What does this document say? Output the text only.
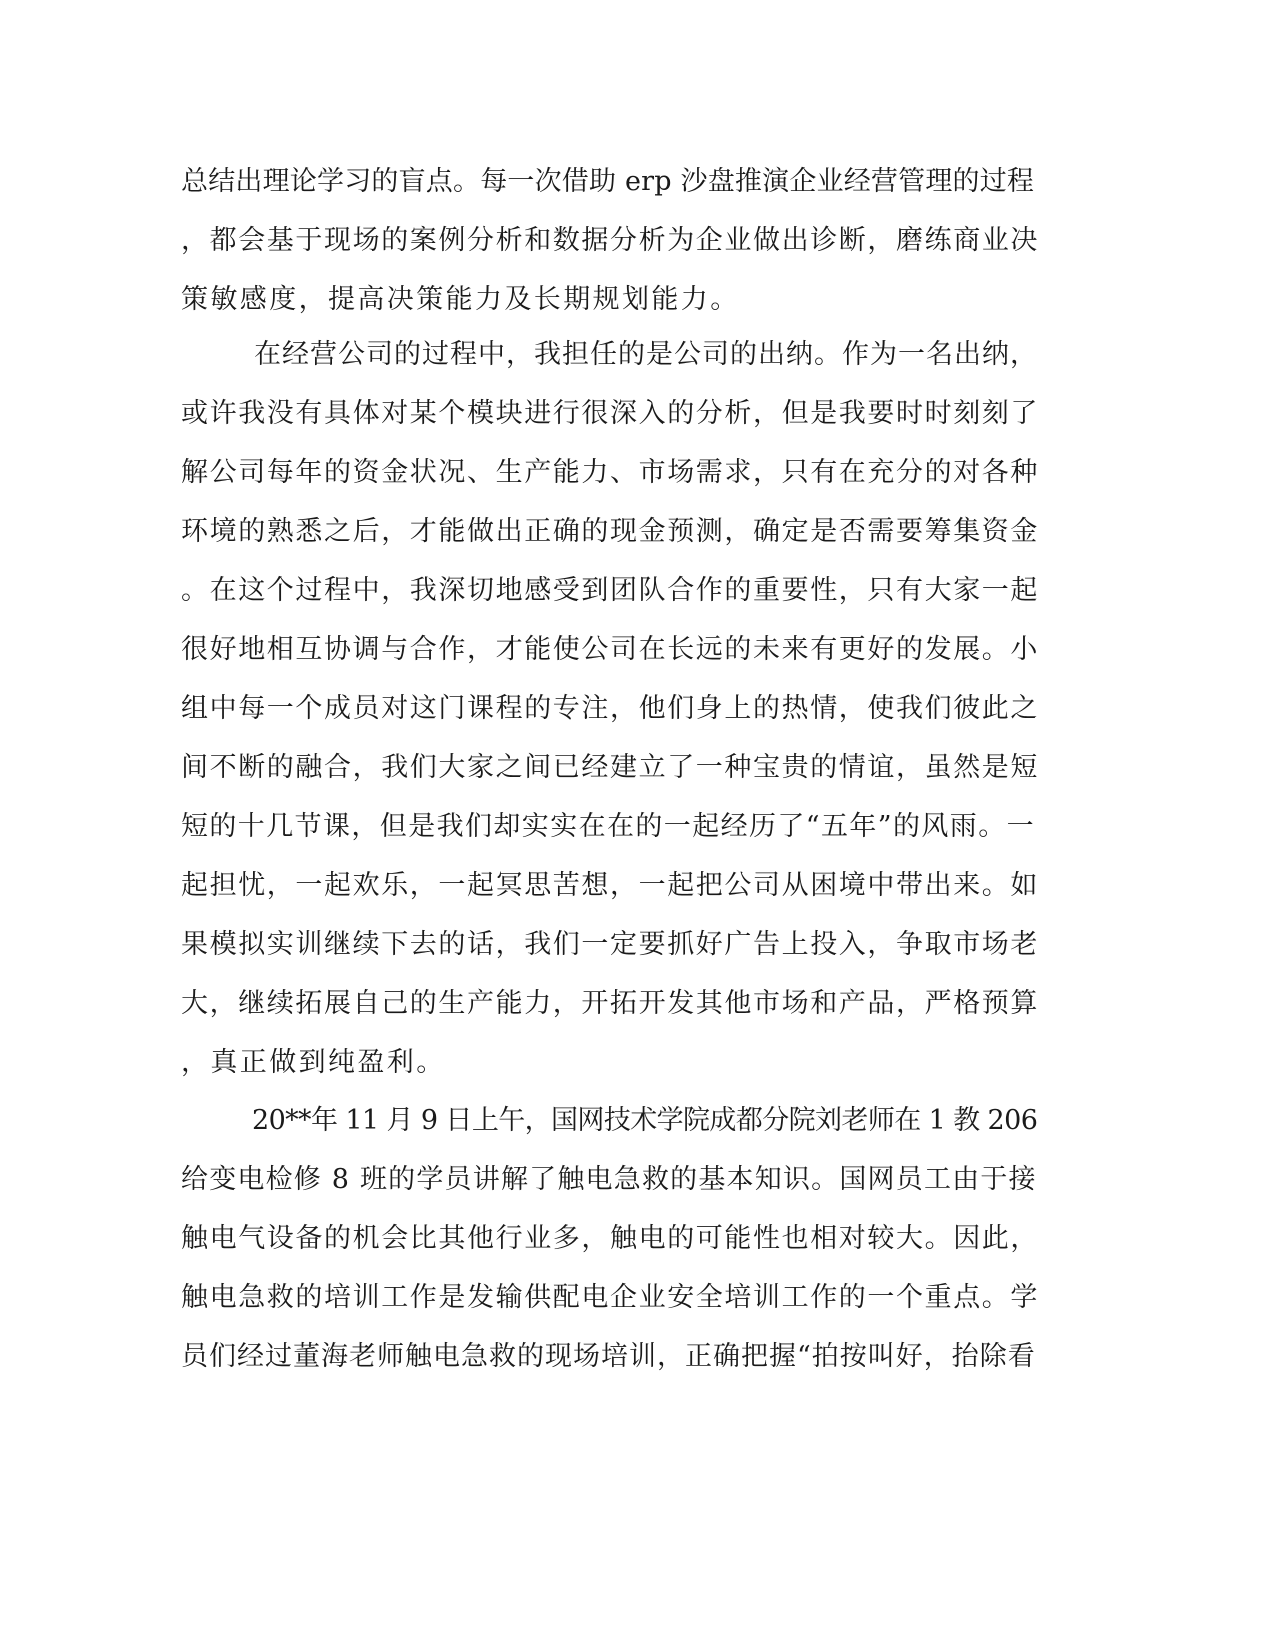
总结出理论学习的盲点。每一次借助 erp 沙盘推演企业经营管理的过程
，都会基于现场的案例分析和数据分析为企业做出诊断，磨练商业决
策敏感度，提高决策能力及长期规划能力。
在经营公司的过程中，我担任的是公司的出纳。作为一名出纳，
或许我没有具体对某个模块进行很深入的分析，但是我要时时刻刻了
解公司每年的资金状况、生产能力、市场需求，只有在充分的对各种
环境的熟悉之后，才能做出正确的现金预测，确定是否需要筹集资金
。在这个过程中，我深切地感受到团队合作的重要性，只有大家一起
很好地相互协调与合作，才能使公司在长远的未来有更好的发展。小
组中每一个成员对这门课程的专注，他们身上的热情，使我们彼此之
间不断的融合，我们大家之间已经建立了一种宝贵的情谊，虽然是短
短的十几节课，但是我们却实实在在的一起经历了“五年”的风雨。一
起担忧，一起欢乐，一起冥思苦想，一起把公司从困境中带出来。如
果模拟实训继续下去的话，我们一定要抓好广告上投入，争取市场老
大，继续拓展自己的生产能力，开拓开发其他市场和产品，严格预算
，真正做到纯盈利。
20**年 11 月 9 日上午，国网技术学院成都分院刘老师在 1 教 206
给变电检修 8 班的学员讲解了触电急救的基本知识。国网员工由于接
触电气设备的机会比其他行业多，触电的可能性也相对较大。因此，
触电急救的培训工作是发输供配电企业安全培训工作的一个重点。学
员们经过董海老师触电急救的现场培训，正确把握“拍按叫好，抬除看
